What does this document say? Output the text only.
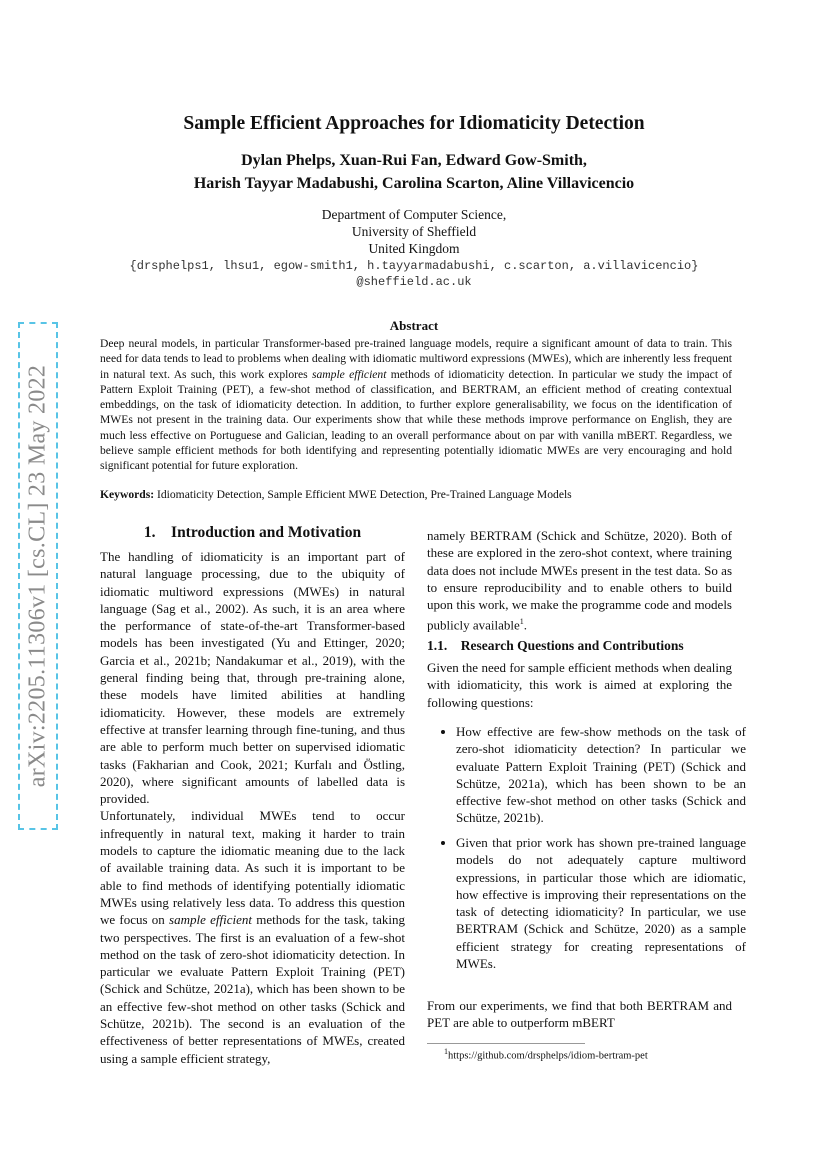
arXiv:2205.11306v1 [cs.CL] 23 May 2022
Sample Efficient Approaches for Idiomaticity Detection
Dylan Phelps, Xuan-Rui Fan, Edward Gow-Smith,
Harish Tayyar Madabushi, Carolina Scarton, Aline Villavicencio
Department of Computer Science,
University of Sheffield
United Kingdom
{drsphelps1, lhsu1, egow-smith1, h.tayyarmadabushi, c.scarton, a.villavicencio}
@sheffield.ac.uk
Abstract

Deep neural models, in particular Transformer-based pre-trained language models, require a significant amount of data to train. This need for data tends to lead to problems when dealing with idiomatic multiword expressions (MWEs), which are inherently less frequent in natural text. As such, this work explores sample efficient methods of idiomaticity detection. In particular we study the impact of Pattern Exploit Training (PET), a few-shot method of classification, and BERTRAM, an efficient method of creating contextual embeddings, on the task of idiomaticity detection. In addition, to further explore generalisability, we focus on the identification of MWEs not present in the training data. Our experiments show that while these methods improve performance on English, they are much less effective on Portuguese and Galician, leading to an overall performance about on par with vanilla mBERT. Regardless, we believe sample efficient methods for both identifying and representing potentially idiomatic MWEs are very encouraging and hold significant potential for future exploration.

Keywords: Idiomaticity Detection, Sample Efficient MWE Detection, Pre-Trained Language Models

1.    Introduction and Motivation

The handling of idiomaticity is an important part of natural language processing, due to the ubiquity of idiomatic multiword expressions (MWEs) in natural language (Sag et al., 2002). As such, it is an area where the performance of state-of-the-art Transformer-based models has been investigated (Yu and Ettinger, 2020; Garcia et al., 2021b; Nandakumar et al., 2019), with the general finding being that, through pre-training alone, these models have limited abilities at handling idiomaticity. However, these models are extremely effective at transfer learning through fine-tuning, and thus are able to perform much better on supervised idiomatic tasks (Fakharian and Cook, 2021; Kurfalı and Östling, 2020), where significant amounts of labelled data is provided.

Unfortunately, individual MWEs tend to occur infrequently in natural text, making it harder to train models to capture the idiomatic meaning due to the lack of available training data. As such it is important to be able to find methods of identifying potentially idiomatic MWEs using relatively less data. To address this question we focus on sample efficient methods for the task, taking two perspectives. The first is an evaluation of a few-shot method on the task of zero-shot idiomaticity detection. In particular we evaluate Pattern Exploit Training (PET) (Schick and Schütze, 2021a), which has been shown to be an effective few-shot method on other tasks (Schick and Schütze, 2021b). The second is an evaluation of the effectiveness of better representations of MWEs, created using a sample efficient strategy,

namely BERTRAM (Schick and Schütze, 2020). Both of these are explored in the zero-shot context, where training data does not include MWEs present in the test data. So as to ensure reproducibility and to enable others to build upon this work, we make the programme code and models publicly available$^1$.

1.1.    Research Questions and Contributions

Given the need for sample efficient methods when dealing with idiomaticity, this work is aimed at exploring the following questions:

• How effective are few-show methods on the task of zero-shot idiomaticity detection? In particular we evaluate Pattern Exploit Training (PET) (Schick and Schütze, 2021a), which has been shown to be an effective few-shot method on other tasks (Schick and Schütze, 2021b).
• Given that prior work has shown pre-trained language models do not adequately capture multiword expressions, in particular those which are idiomatic, how effective is improving their representations on the task of detecting idiomaticity? In particular, we use BERTRAM (Schick and Schütze, 2020) as a sample efficient strategy for creating representations of MWEs.

From our experiments, we find that both BERTRAM and PET are able to outperform mBERT

$^1$https://github.com/drsphelps/idiom-bertram-pet
